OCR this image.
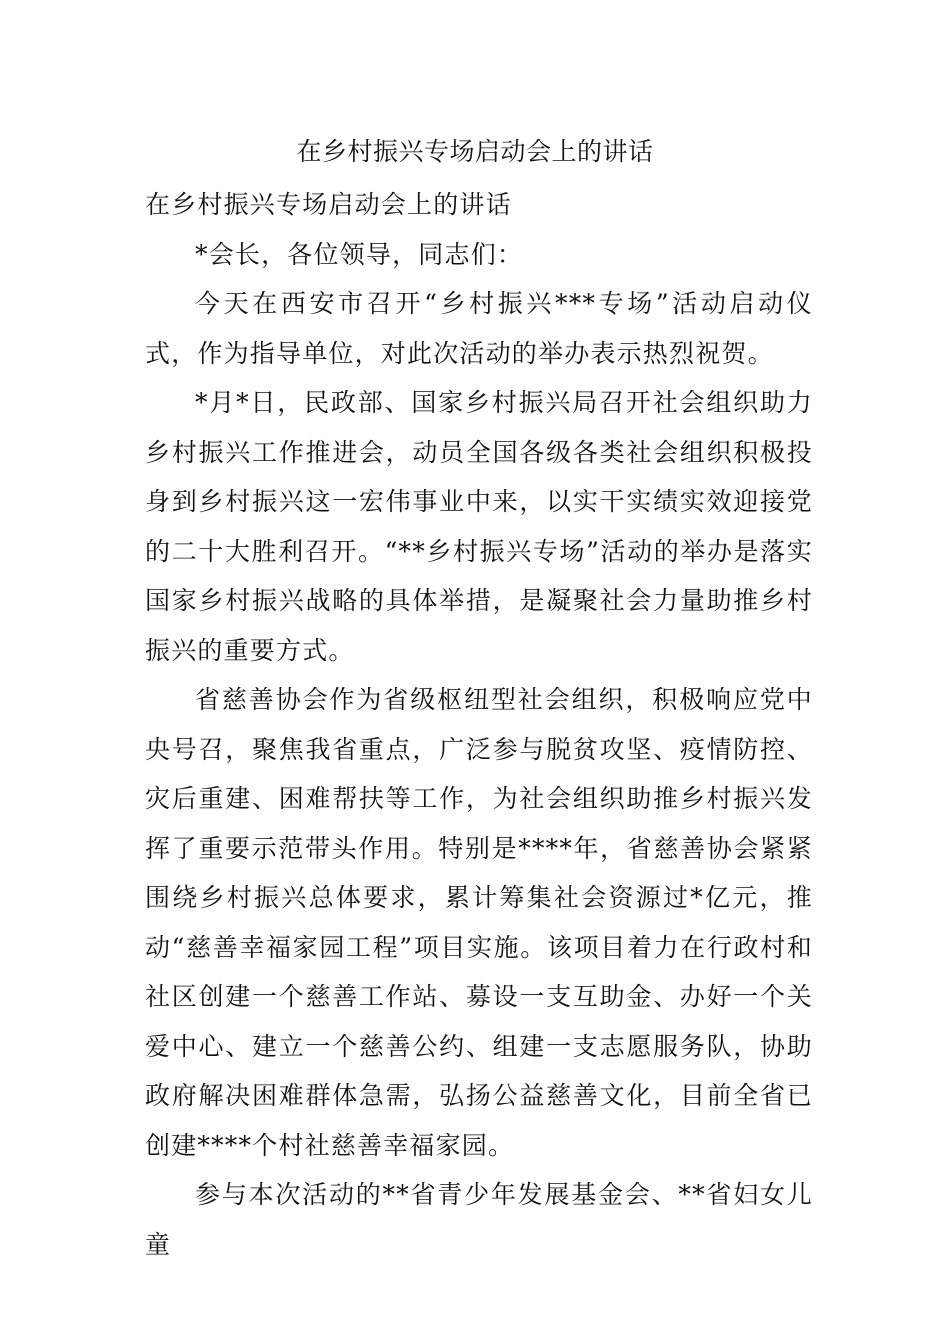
在乡村振兴专场启动会上的讲话

在乡村振兴专场启动会上的讲话

*会长，各位领导，同志们：

今天在西安市召开“乡村振兴***专场”活动启动仪式，作为指导单位，对此次活动的举办表示热烈祝贺。

*月*日，民政部、国家乡村振兴局召开社会组织助力乡村振兴工作推进会，动员全国各级各类社会组织积极投身到乡村振兴这一宏伟事业中来，以实干实绩实效迎接党的二十大胜利召开。“**乡村振兴专场”活动的举办是落实国家乡村振兴战略的具体举措，是凝聚社会力量助推乡村振兴的重要方式。

省慈善协会作为省级枢纽型社会组织，积极响应党中央号召，聚焦我省重点，广泛参与脱贫攻坚、疫情防控、灾后重建、困难帮扶等工作，为社会组织助推乡村振兴发挥了重要示范带头作用。特别是****年，省慈善协会紧紧围绕乡村振兴总体要求，累计筹集社会资源过*亿元，推动“慈善幸福家园工程”项目实施。该项目着力在行政村和社区创建一个慈善工作站、募设一支互助金、办好一个关爱中心、建立一个慈善公约、组建一支志愿服务队，协助政府解决困难群体急需，弘扬公益慈善文化，目前全省已创建****个村社慈善幸福家园。

参与本次活动的**省青少年发展基金会、**省妇女儿童
